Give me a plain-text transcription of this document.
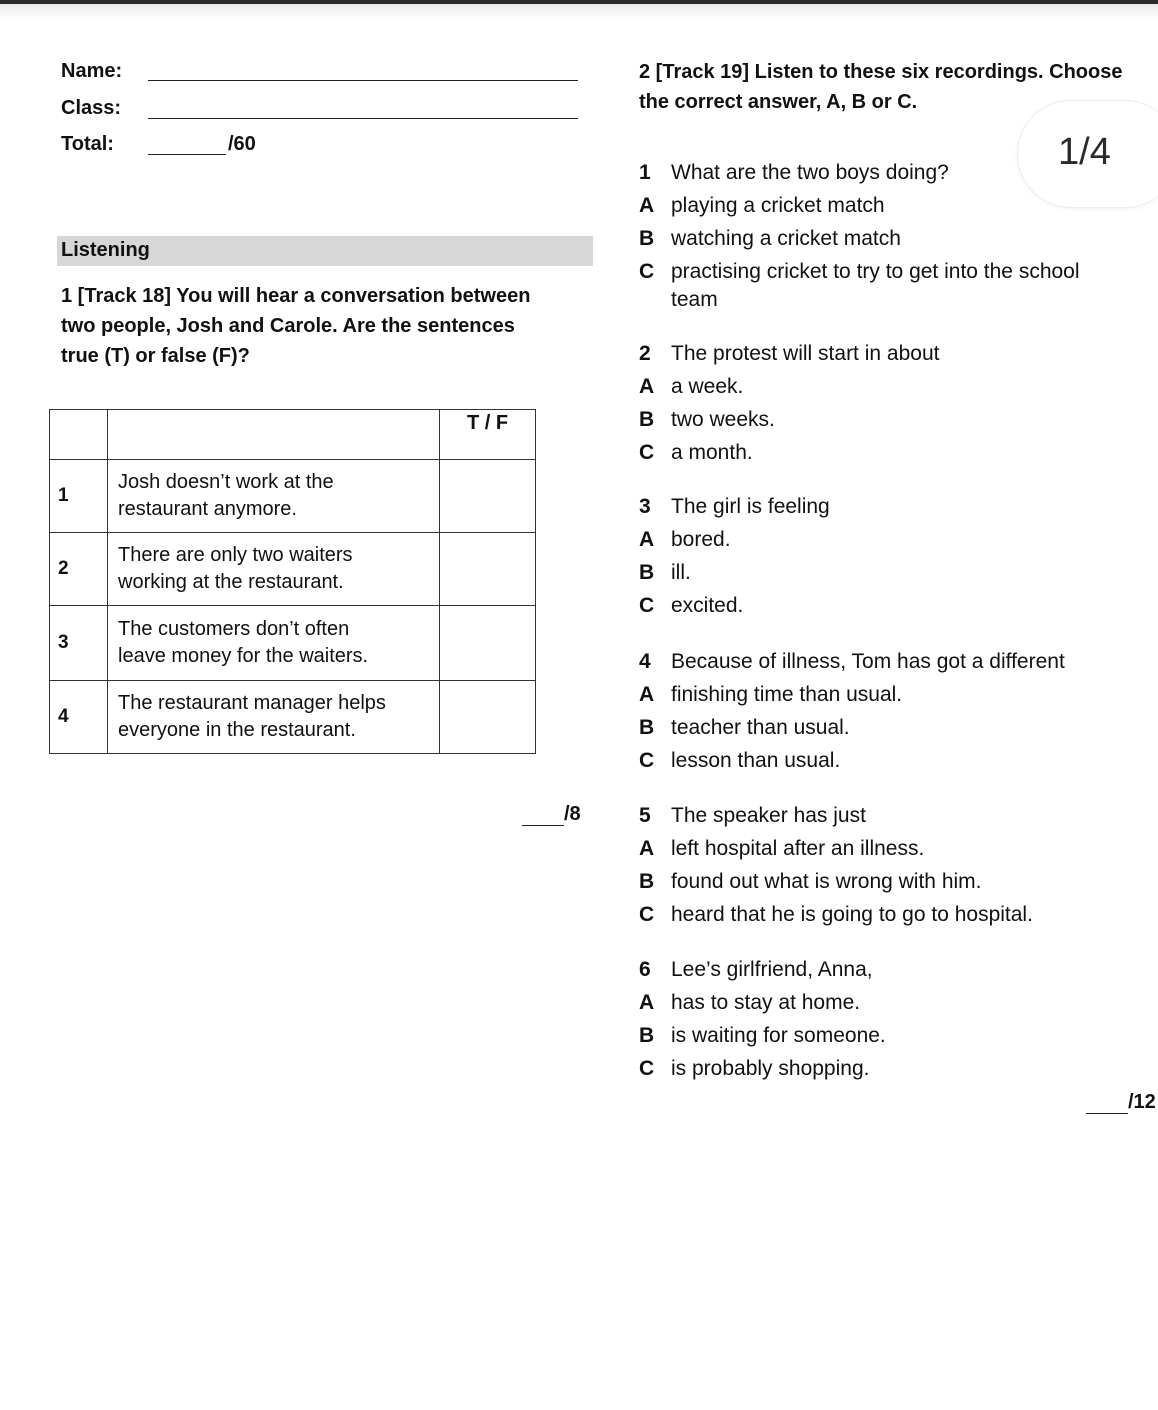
Name:
Class:
Total:	/60
Listening
1 [Track 18] You will hear a conversation between
two people, Josh and Carole. Are the sentences
true (T) or false (F)?
		T / F
1	Josh doesn’t work at the
restaurant anymore.	

2	There are only two waiters
working at the restaurant.	

3	The customers don’t often
leave money for the waiters.	

4	The restaurant manager helps
everyone in the restaurant.	

/8
2 [Track 19] Listen to these six recordings. Choose
the correct answer, A, B or C.
1 What are the two boys doing?
A playing a cricket match
B watching a cricket match
C practising cricket to try to get into the school
team
2 The protest will start in about
A a week.
B two weeks.
C a month.
3 The girl is feeling
A bored.
B ill.
C excited.
4 Because of illness, Tom has got a different
A finishing time than usual.
B teacher than usual.
C lesson than usual.
5 The speaker has just
A left hospital after an illness.
B found out what is wrong with him.
C heard that he is going to go to hospital.
6 Lee’s girlfriend, Anna,
A has to stay at home.
B is waiting for someone.
C is probably shopping.
/12
1/4
